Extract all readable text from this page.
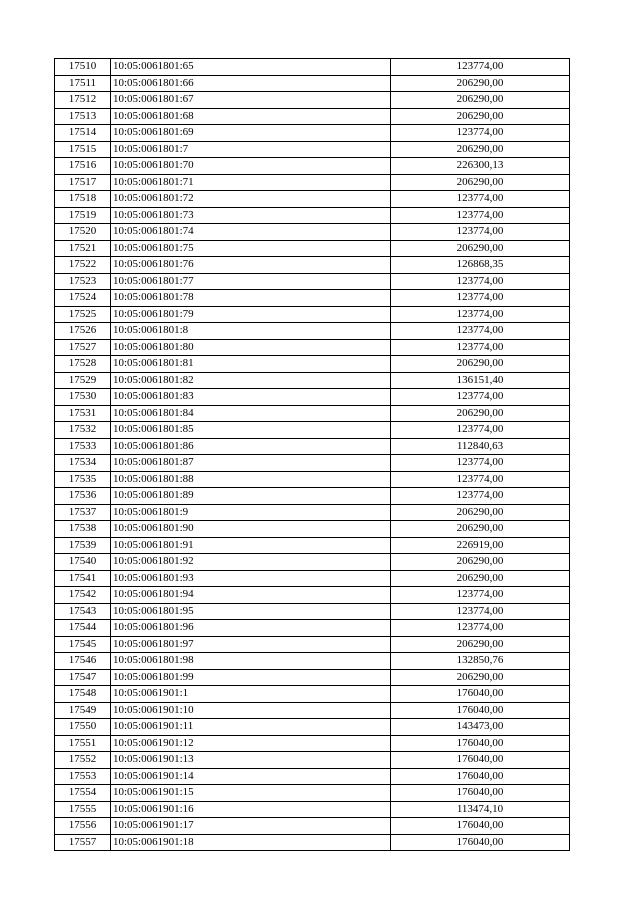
17510	10:05:0061801:65	123774,00
17511	10:05:0061801:66	206290,00
17512	10:05:0061801:67	206290,00
17513	10:05:0061801:68	206290,00
17514	10:05:0061801:69	123774,00
17515	10:05:0061801:7	206290,00
17516	10:05:0061801:70	226300,13
17517	10:05:0061801:71	206290,00
17518	10:05:0061801:72	123774,00
17519	10:05:0061801:73	123774,00
17520	10:05:0061801:74	123774,00
17521	10:05:0061801:75	206290,00
17522	10:05:0061801:76	126868,35
17523	10:05:0061801:77	123774,00
17524	10:05:0061801:78	123774,00
17525	10:05:0061801:79	123774,00
17526	10:05:0061801:8	123774,00
17527	10:05:0061801:80	123774,00
17528	10:05:0061801:81	206290,00
17529	10:05:0061801:82	136151,40
17530	10:05:0061801:83	123774,00
17531	10:05:0061801:84	206290,00
17532	10:05:0061801:85	123774,00
17533	10:05:0061801:86	112840,63
17534	10:05:0061801:87	123774,00
17535	10:05:0061801:88	123774,00
17536	10:05:0061801:89	123774,00
17537	10:05:0061801:9	206290,00
17538	10:05:0061801:90	206290,00
17539	10:05:0061801:91	226919,00
17540	10:05:0061801:92	206290,00
17541	10:05:0061801:93	206290,00
17542	10:05:0061801:94	123774,00
17543	10:05:0061801:95	123774,00
17544	10:05:0061801:96	123774,00
17545	10:05:0061801:97	206290,00
17546	10:05:0061801:98	132850,76
17547	10:05:0061801:99	206290,00
17548	10:05:0061901:1	176040,00
17549	10:05:0061901:10	176040,00
17550	10:05:0061901:11	143473,00
17551	10:05:0061901:12	176040,00
17552	10:05:0061901:13	176040,00
17553	10:05:0061901:14	176040,00
17554	10:05:0061901:15	176040,00
17555	10:05:0061901:16	113474,10
17556	10:05:0061901:17	176040,00
17557	10:05:0061901:18	176040,00
